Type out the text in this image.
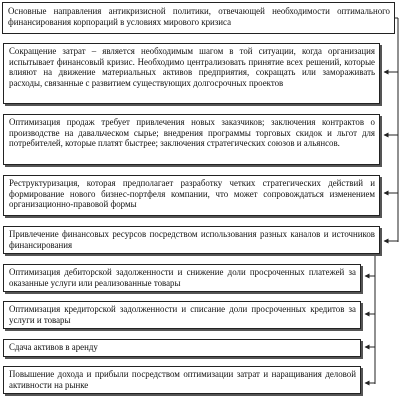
Основные направления антикризисной политики, отвечающей необходимости оптимального финансирования корпораций в условиях мирового кризиса
Сокращение затрат – является необходимым шагом в той ситуации, когда организация испытывает финансовый кризис. Необходимо централизовать принятие всех решений, которые влияют на движение материальных активов предприятия, сокращать или замораживать расходы, связанные с развитием существующих долгосрочных проектов
Оптимизация продаж требует привлечения новых заказчиков; заключения контрактов о производстве на давальческом сырье; внедрения программы торговых скидок и льгот для потребителей, которые платят быстрее; заключения стратегических союзов и альянсов.
Реструктуризация, которая предполагает разработку четких стратегических действий и формирование нового бизнес-портфеля компании, что может сопровождаться изменением организационно-правовой формы
Привлечение финансовых ресурсов посредством использования разных каналов и источников финансирования
Оптимизация дебиторской задолженности и снижение доли просроченных платежей за оказанные услуги или реализованные товары
Оптимизация кредиторской задолженности и списание доли просроченных кредитов за услуги и товары
Сдача активов в аренду
Повышение дохода и прибыли посредством оптимизации затрат и наращивания деловой активности на рынке
